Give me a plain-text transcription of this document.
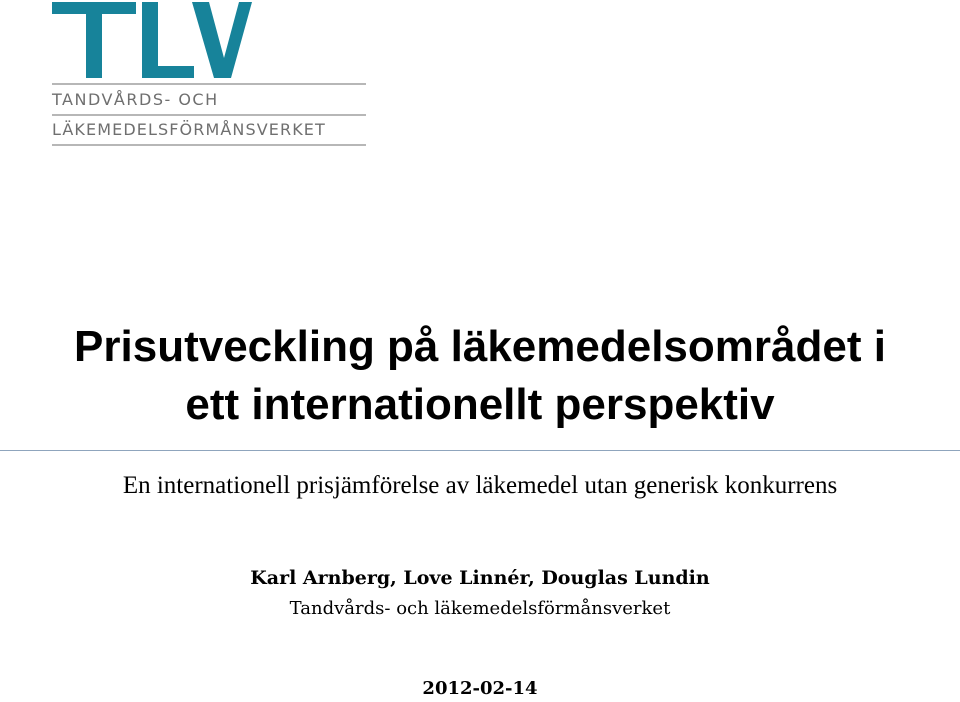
TANDVÅRDS- OCH
LÄKEMEDELSFÖRMÅNSVERKET
Prisutveckling på läkemedelsområdet i
ett internationellt perspektiv
En internationell prisjämförelse av läkemedel utan generisk konkurrens
Karl Arnberg, Love Linnér, Douglas Lundin
Tandvårds- och läkemedelsförmånsverket
2012-02-14
